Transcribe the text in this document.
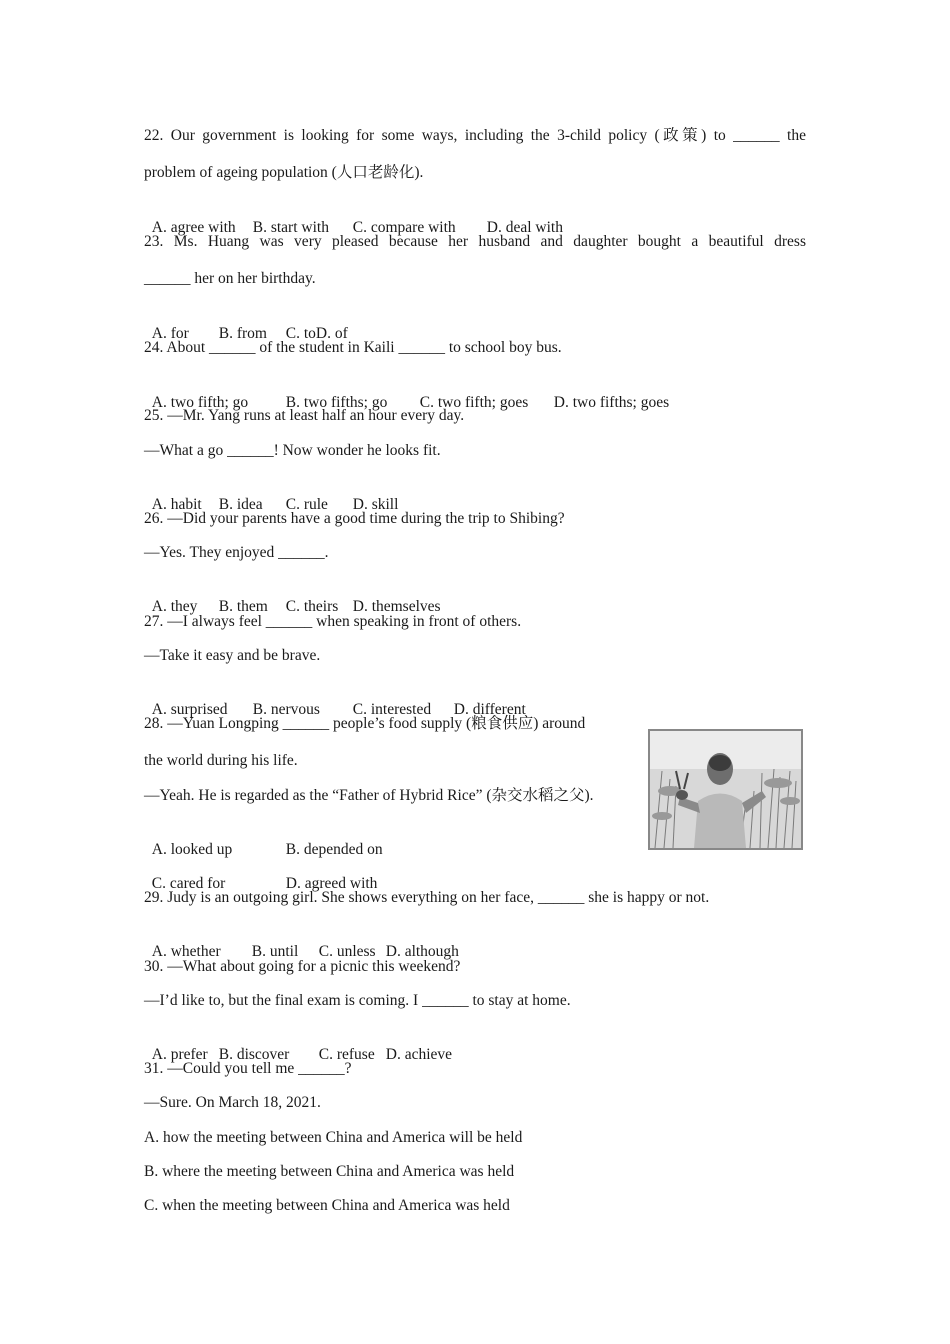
22. Our government is looking for some ways, including the 3-child policy (政策) to ______ the
problem of ageing population (人口老龄化).

A. agree with B. start with C. compare with D. deal with

23. Ms. Huang was very pleased because her husband and daughter bought a beautiful dress
______ her on her birthday.

A. for B. from C. toD. of

24. About ______ of the student in Kaili ______ to school boy bus.

A. two fifth; go B. two fifths; go C. two fifth; goes D. two fifths; goes

25. —Mr. Yang runs at least half an hour every day.
—What a go ______! Now wonder he looks fit.

A. habit B. idea C. rule D. skill

26. —Did your parents have a good time during the trip to Shibing?
—Yes. They enjoyed ______.

A. they B. them C. theirs D. themselves

27. —I always feel ______ when speaking in front of others.
—Take it easy and be brave.

A. surprised B. nervous C. interested D. different

28. —Yuan Longping ______ people’s food supply (粮食供应) around
the world during his life.
—Yeah. He is regarded as the “Father of Hybrid Rice” (杂交水稻之父).

A. looked up	B. depended on

C. cared for	D. agreed with

29. Judy is an outgoing girl. She shows everything on her face, ______ she is happy or not.

A. whether B. until C. unless D. although

30. —What about going for a picnic this weekend?
—I’d like to, but the final exam is coming. I ______ to stay at home.

A. prefer B. discover C. refuse D. achieve

31. —Could you tell me ______?
—Sure. On March 18, 2021.
A. how the meeting between China and America will be held
B. where the meeting between China and America was held
C. when the meeting between China and America was held
